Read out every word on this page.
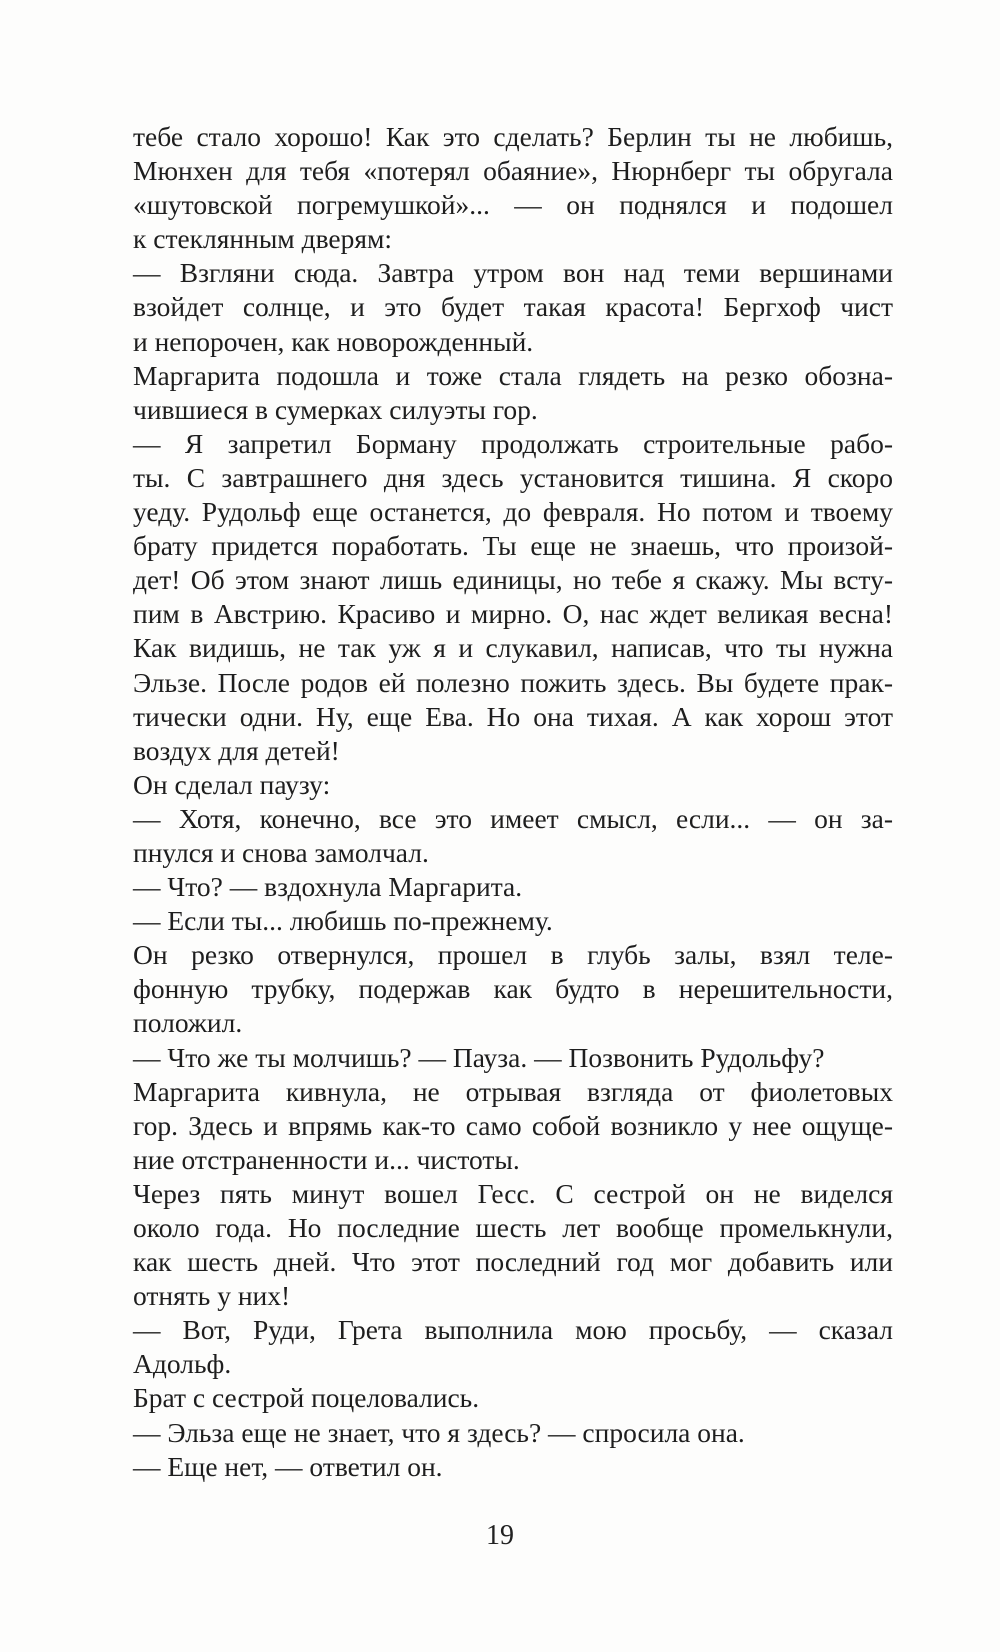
тебе стало хорошо! Как это сделать? Берлин ты не любишь,
Мюнхен для тебя «потерял обаяние», Нюрнберг ты обругала
«шутовской погремушкой»... — он поднялся и подошел
к стеклянным дверям:
— Взгляни сюда. Завтра утром вон над теми вершинами
взойдет солнце, и это будет такая красота! Бергхоф чист
и непорочен, как новорожденный.
Маргарита подошла и тоже стала глядеть на резко обозна-
чившиеся в сумерках силуэты гор.
— Я запретил Борману продолжать строительные рабо-
ты. С завтрашнего дня здесь установится тишина. Я скоро
уеду. Рудольф еще останется, до февраля. Но потом и твоему
брату придется поработать. Ты еще не знаешь, что произой-
дет! Об этом знают лишь единицы, но тебе я скажу. Мы всту-
пим в Австрию. Красиво и мирно. О, нас ждет великая весна!
Как видишь, не так уж я и слукавил, написав, что ты нужна
Эльзе. После родов ей полезно пожить здесь. Вы будете прак-
тически одни. Ну, еще Ева. Но она тихая. А как хорош этот
воздух для детей!
Он сделал паузу:
— Хотя, конечно, все это имеет смысл, если... — он за-
пнулся и снова замолчал.
— Что? — вздохнула Маргарита.
— Если ты... любишь по-прежнему.
Он резко отвернулся, прошел в глубь залы, взял теле-
фонную трубку, подержав как будто в нерешительности,
положил.
— Что же ты молчишь? — Пауза. — Позвонить Рудольфу?
Маргарита кивнула, не отрывая взгляда от фиолетовых
гор. Здесь и впрямь как-то само собой возникло у нее ощуще-
ние отстраненности и... чистоты.
Через пять минут вошел Гесс. С сестрой он не виделся
около года. Но последние шесть лет вообще промелькнули,
как шесть дней. Что этот последний год мог добавить или
отнять у них!
— Вот, Руди, Грета выполнила мою просьбу, — сказал
Адольф.
Брат с сестрой поцеловались.
— Эльза еще не знает, что я здесь? — спросила она.
— Еще нет, — ответил он.
19
